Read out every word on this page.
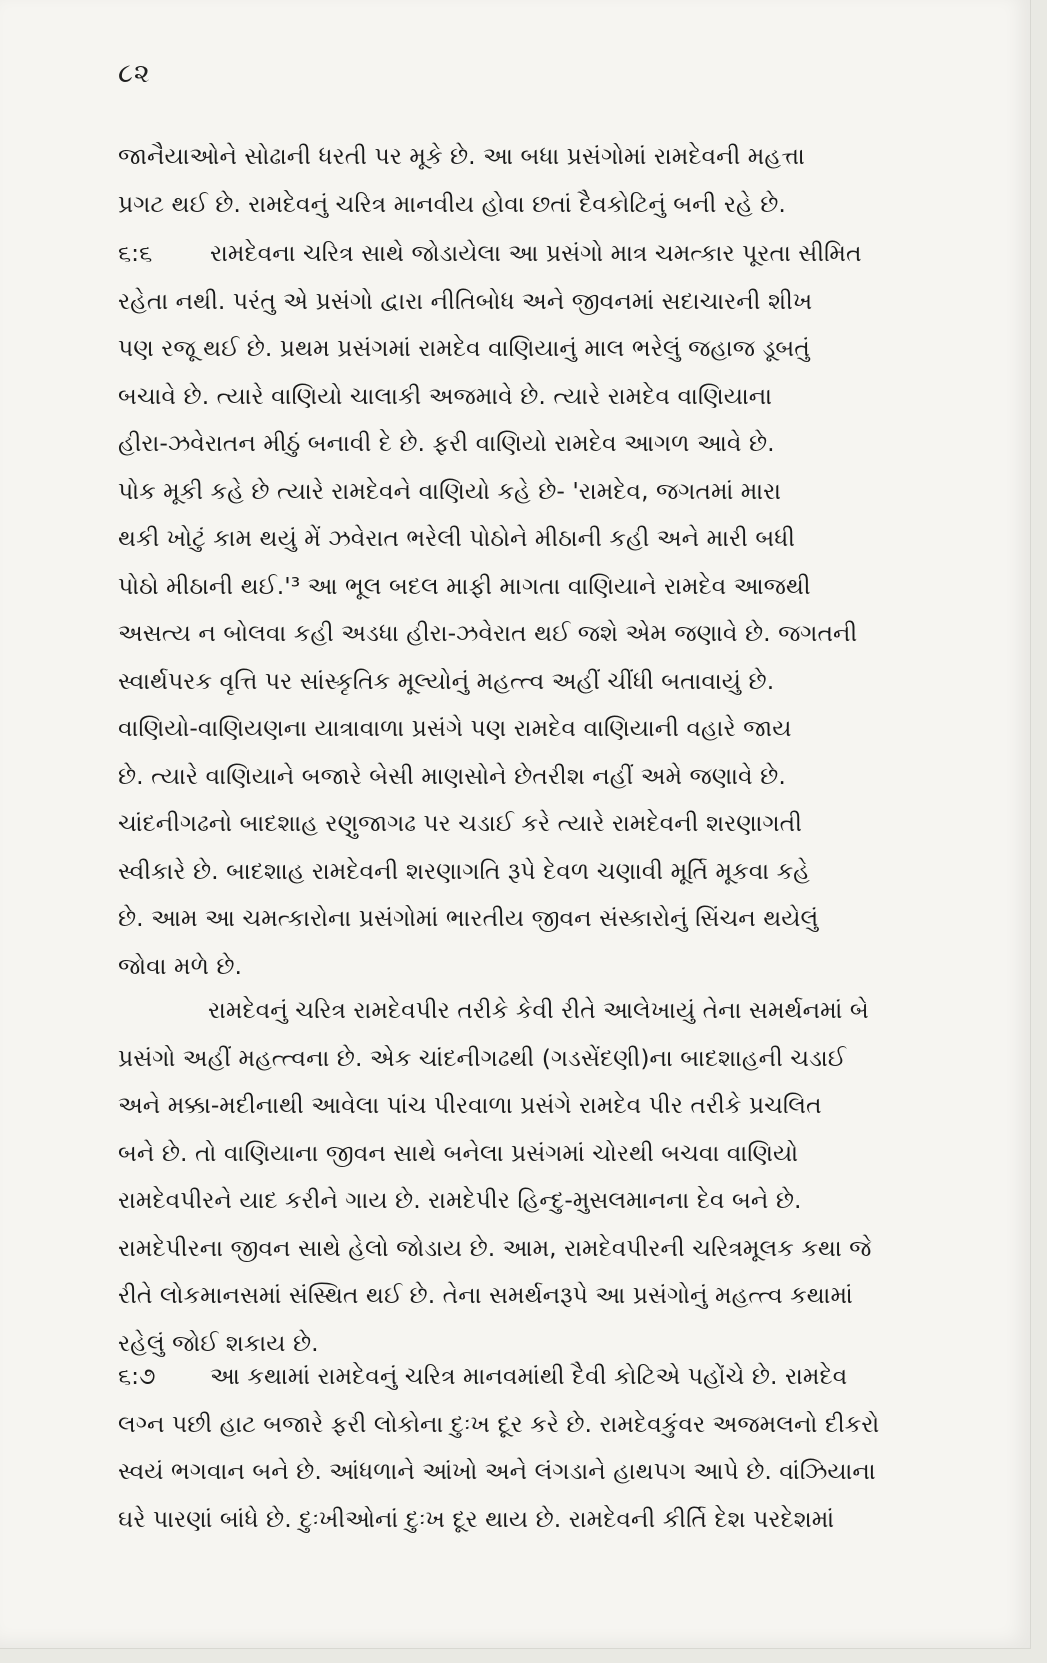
૮૨
જાનૈયાઓને સોઢાની ધરતી પર મૂકે છે. આ બધા પ્રસંગોમાં રામદેવની મહત્તા
પ્રગટ થઈ છે. રામદેવનું ચરિત્ર માનવીય હોવા છતાં દૈવકોટિનું બની રહે છે.
૬:૬ રામદેવના ચરિત્ર સાથે જોડાયેલા આ પ્રસંગો માત્ર ચમત્કાર પૂરતા સીમિત
રહેતા નથી. પરંતુ એ પ્રસંગો દ્વારા નીતિબોધ અને જીવનમાં સદાચારની શીખ
પણ રજૂ થઈ છે. પ્રથમ પ્રસંગમાં રામદેવ વાણિયાનું માલ ભરેલું જહાજ ડૂબતું
બચાવે છે. ત્યારે વાણિયો ચાલાકી અજમાવે છે. ત્યારે રામદેવ વાણિયાના
હીરા-ઝવેરાતન મીઠું બનાવી દે છે. ફરી વાણિયો રામદેવ આગળ આવે છે.
પોક મૂકી કહે છે ત્યારે રામદેવને વાણિયો કહે છે- 'રામદેવ, જગતમાં મારા
થકી ખોટું કામ થયું મેં ઝવેરાત ભરેલી પોઠોને મીઠાની કહી અને મારી બધી
પોઠો મીઠાની થઈ.'³ આ ભૂલ બદલ માફી માગતા વાણિયાને રામદેવ આજથી
અસત્ય ન બોલવા કહી અડધા હીરા-ઝવેરાત થઈ જશે એમ જણાવે છે. જગતની
સ્વાર્થપરક વૃત્તિ પર સાંસ્કૃતિક મૂલ્યોનું મહત્ત્વ અહીં ચીંધી બતાવાયું છે.
વાણિયો-વાણિયણના યાત્રાવાળા પ્રસંગે પણ રામદેવ વાણિયાની વહારે જાય
છે. ત્યારે વાણિયાને બજારે બેસી માણસોને છેતરીશ નહીં અમે જણાવે છે.
ચાંદનીગઢનો બાદશાહ રણુજાગઢ પર ચડાઈ કરે ત્યારે રામદેવની શરણાગતી
સ્વીકારે છે. બાદશાહ રામદેવની શરણાગતિ રૂપે દેવળ ચણાવી મૂર્તિ મૂકવા કહે
છે. આમ આ ચમત્કારોના પ્રસંગોમાં ભારતીય જીવન સંસ્કારોનું સિંચન થયેલું
જોવા મળે છે.
રામદેવનું ચરિત્ર રામદેવપીર તરીકે કેવી રીતે આલેખાયું તેના સમર્થનમાં બે
પ્રસંગો અહીં મહત્ત્વના છે. એક ચાંદનીગઢથી (ગડસેંદણી)ના બાદશાહની ચડાઈ
અને મક્કા-મદીનાથી આવેલા પાંચ પીરવાળા પ્રસંગે રામદેવ પીર તરીકે પ્રચલિત
બને છે. તો વાણિયાના જીવન સાથે બનેલા પ્રસંગમાં ચોરથી બચવા વાણિયો
રામદેવપીરને યાદ કરીને ગાય છે. રામદેપીર હિન્દુ-મુસલમાનના દેવ બને છે.
રામદેપીરના જીવન સાથે હેલો જોડાય છે. આમ, રામદેવપીરની ચરિત્રમૂલક કથા જે
રીતે લોકમાનસમાં સંસ્થિત થઈ છે. તેના સમર્થનરૂપે આ પ્રસંગોનું મહત્ત્વ કથામાં
રહેલું જોઈ શકાય છે.
૬:૭ આ કથામાં રામદેવનું ચરિત્ર માનવમાંથી દૈવી કોટિએ પહોંચે છે. રામદેવ
લગ્ન પછી હાટ બજારે ફરી લોકોના દુઃખ દૂર કરે છે. રામદેવકુંવર અજમલનો દીકરો
સ્વયં ભગવાન બને છે. આંધળાને આંખો અને લંગડાને હાથપગ આપે છે. વાંઝિયાના
ઘરે પારણાં બાંધે છે. દુઃખીઓનાં દુઃખ દૂર થાય છે. રામદેવની કીર્તિ દેશ પરદેશમાં
